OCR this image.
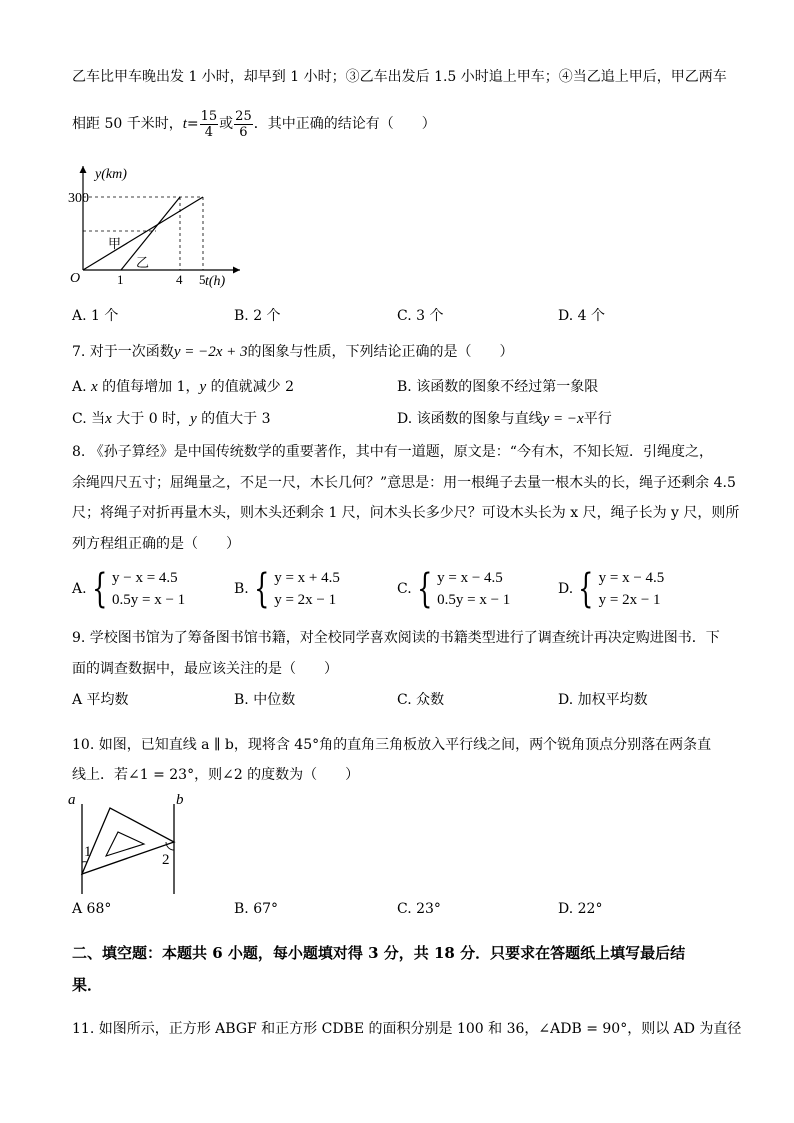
乙车比甲车晚出发 1 小时，却早到 1 小时；③乙车出发后 1.5 小时追上甲车；④当乙追上甲后，甲乙两车
相距 50 千米时，$t= \frac{15}{4}$ 或 $\frac{25}{6}$ ．其中正确的结论有（　　）
y(km)
t(h)
O
300
1	4 5
甲
乙
A. 1 个	B. 2 个	C. 3 个	D. 4 个
7. 对于一次函数y = −2x + 3的图象与性质，下列结论正确的是（　　）
A. x 的值每增加 1，y 的值就减少 2	B. 该函数的图象不经过第一象限
C. 当x 大于 0 时，y 的值大于 3	D. 该函数的图象与直线y = −x平行
8. 《孙子算经》是中国传统数学的重要著作，其中有一道题，原文是：“今有木，不知长短．引绳度之，
余绳四尺五寸；屈绳量之，不足一尺，木长几何？”意思是：用一根绳子去量一根木头的长，绳子还剩余 4.5
尺；将绳子对折再量木头，则木头还剩余 1 尺，问木头长多少尺？可设木头长为 x 尺，绳子长为 y 尺，则所
列方程组正确的是（　　）
A. { y − x = 4.5
0.5y = x − 1
B. { y = x + 4.5
y = 2x − 1
C. { y = x − 4.5
0.5y = x − 1
D. { y = x − 4.5
y = 2x − 1
9. 学校图书馆为了筹备图书馆书籍，对全校同学喜欢阅读的书籍类型进行了调查统计再决定购进图书．下
面的调查数据中，最应该关注的是（　　）
A 平均数	B. 中位数	C. 众数	D. 加权平均数
10. 如图，已知直线 a ∥ b，现将含 45°角的直角三角板放入平行线之间，两个锐角顶点分别落在两条直
线上．若∠1 = 23°，则∠2 的度数为（　　）
a	b
1	2
A 68°	B. 67°	C. 23°	D. 22°
二、填空题：本题共 6 小题，每小题填对得 3 分，共 18 分．只要求在答题纸上填写最后结
果．
11. 如图所示，正方形 ABGF 和正方形 CDBE 的面积分别是 100 和 36，∠ADB = 90°，则以 AD 为直径
